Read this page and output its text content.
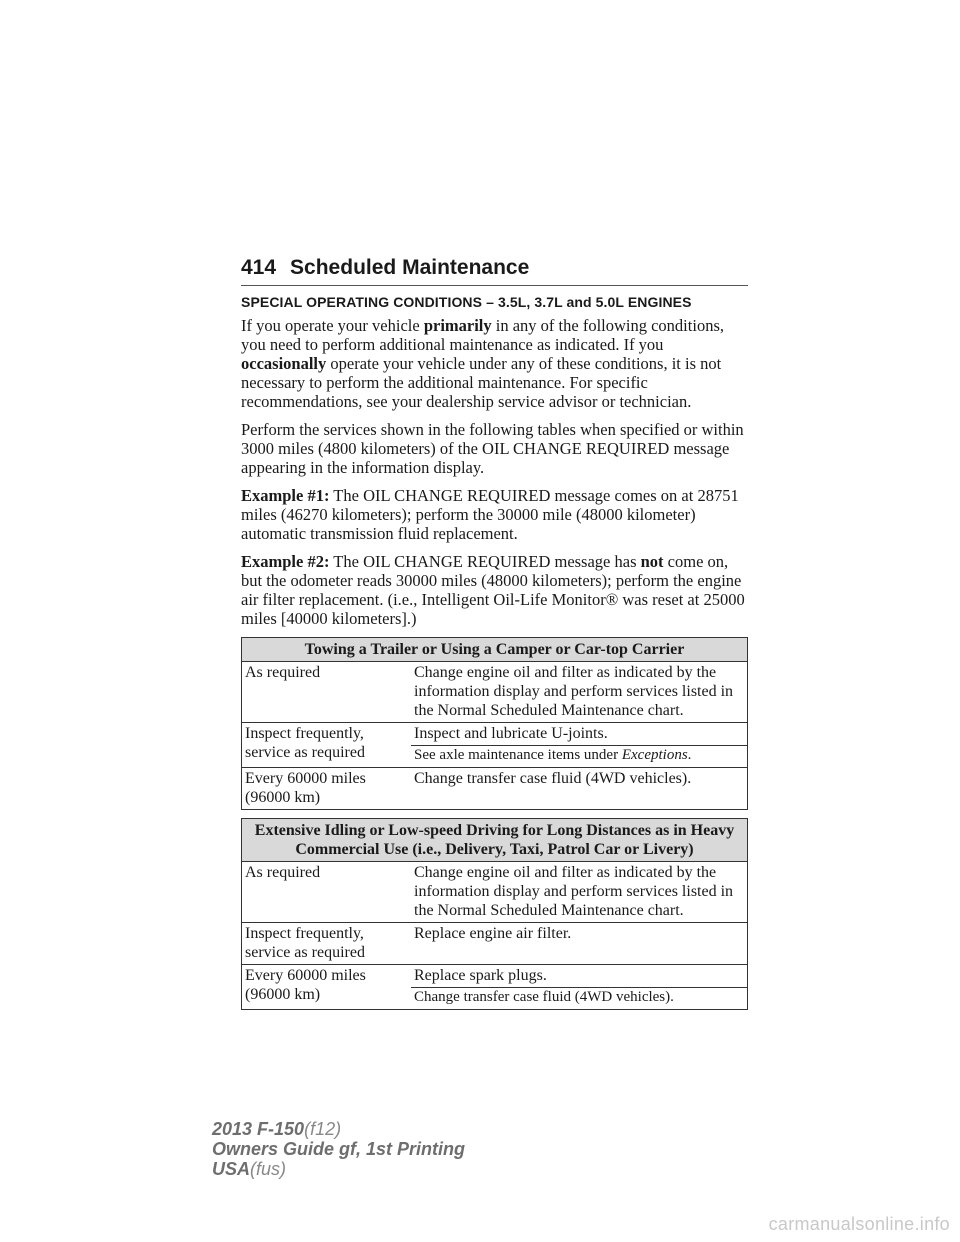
414 Scheduled Maintenance
SPECIAL OPERATING CONDITIONS – 3.5L, 3.7L and 5.0L ENGINES

If you operate your vehicle primarily in any of the following conditions, you need to perform additional maintenance as indicated. If you occasionally operate your vehicle under any of these conditions, it is not necessary to perform the additional maintenance. For specific recommendations, see your dealership service advisor or technician.

Perform the services shown in the following tables when specified or within 3000 miles (4800 kilometers) of the OIL CHANGE REQUIRED message appearing in the information display.

Example #1: The OIL CHANGE REQUIRED message comes on at 28751 miles (46270 kilometers); perform the 30000 mile (48000 kilometer) automatic transmission fluid replacement.

Example #2: The OIL CHANGE REQUIRED message has not come on, but the odometer reads 30000 miles (48000 kilometers); perform the engine air filter replacement. (i.e., Intelligent Oil-Life Monitor® was reset at 25000 miles [40000 kilometers].)

Towing a Trailer or Using a Camper or Car-top Carrier	
As required	Change engine oil and filter as indicated by the information display and perform services listed in the Normal Scheduled Maintenance chart.
Inspect frequently, service as required	Inspect and lubricate U-joints.
See axle maintenance items under Exceptions.

Every 60000 miles (96000 km)	Change transfer case fluid (4WD vehicles).
Extensive Idling or Low-speed Driving for Long Distances as in Heavy Commercial Use (i.e., Delivery, Taxi, Patrol Car or Livery)	
As required	Change engine oil and filter as indicated by the information display and perform services listed in the Normal Scheduled Maintenance chart.
Inspect frequently, service as required	Replace engine air filter.
Every 60000 miles (96000 km)	Replace spark plugs.
Change transfer case fluid (4WD vehicles).
2013 F-150(f12)
Owners Guide gf, 1st Printing
USA(fus)
carmanualsonline.info
